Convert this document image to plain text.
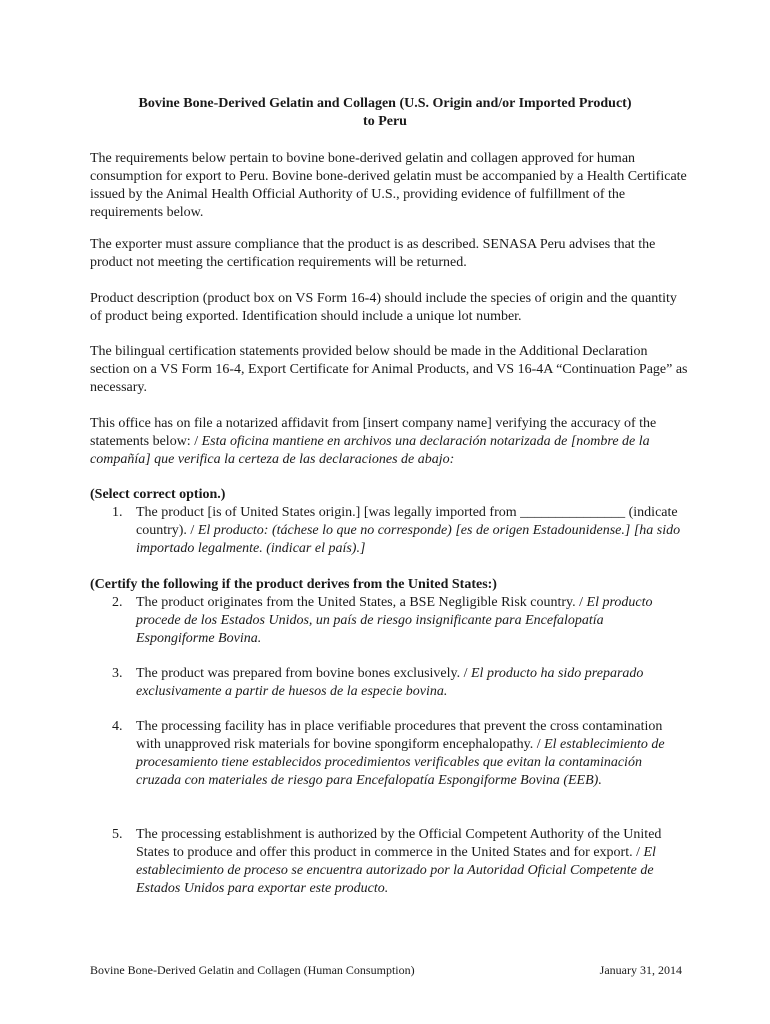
Bovine Bone-Derived Gelatin and Collagen (U.S. Origin and/or Imported Product)
to Peru
The requirements below pertain to bovine bone-derived gelatin and collagen approved for human consumption for export to Peru. Bovine bone-derived gelatin must be accompanied by a Health Certificate issued by the Animal Health Official Authority of U.S., providing evidence of fulfillment of the requirements below.
The exporter must assure compliance that the product is as described. SENASA Peru advises that the product not meeting the certification requirements will be returned.
Product description (product box on VS Form 16-4) should include the species of origin and the quantity of product being exported. Identification should include a unique lot number.
The bilingual certification statements provided below should be made in the Additional Declaration section on a VS Form 16-4, Export Certificate for Animal Products, and VS 16-4A “Continuation Page” as necessary.
This office has on file a notarized affidavit from [insert company name] verifying the accuracy of the statements below: / Esta oficina mantiene en archivos una declaración notarizada de [nombre de la compañía] que verifica la certeza de las declaraciones de abajo:
(Select correct option.)
1. The product [is of United States origin.] [was legally imported from _______________ (indicate country). / El producto: (táchese lo que no corresponde) [es de origen Estadounidense.] [ha sido importado legalmente. (indicar el país).]
(Certify the following if the product derives from the United States:)
2. The product originates from the United States, a BSE Negligible Risk country. / El producto procede de los Estados Unidos, un país de riesgo insignificante para Encefalopatía Espongiforme Bovina.
3. The product was prepared from bovine bones exclusively. / El producto ha sido preparado exclusivamente a partir de huesos de la especie bovina.
4. The processing facility has in place verifiable procedures that prevent the cross contamination with unapproved risk materials for bovine spongiform encephalopathy. / El establecimiento de procesamiento tiene establecidos procedimientos verificables que evitan la contaminación cruzada con materiales de riesgo para Encefalopatía Espongiforme Bovina (EEB).
5. The processing establishment is authorized by the Official Competent Authority of the United States to produce and offer this product in commerce in the United States and for export. / El establecimiento de proceso se encuentra autorizado por la Autoridad Oficial Competente de Estados Unidos para exportar este producto.
Bovine Bone-Derived Gelatin and Collagen (Human Consumption)	January 31, 2014
